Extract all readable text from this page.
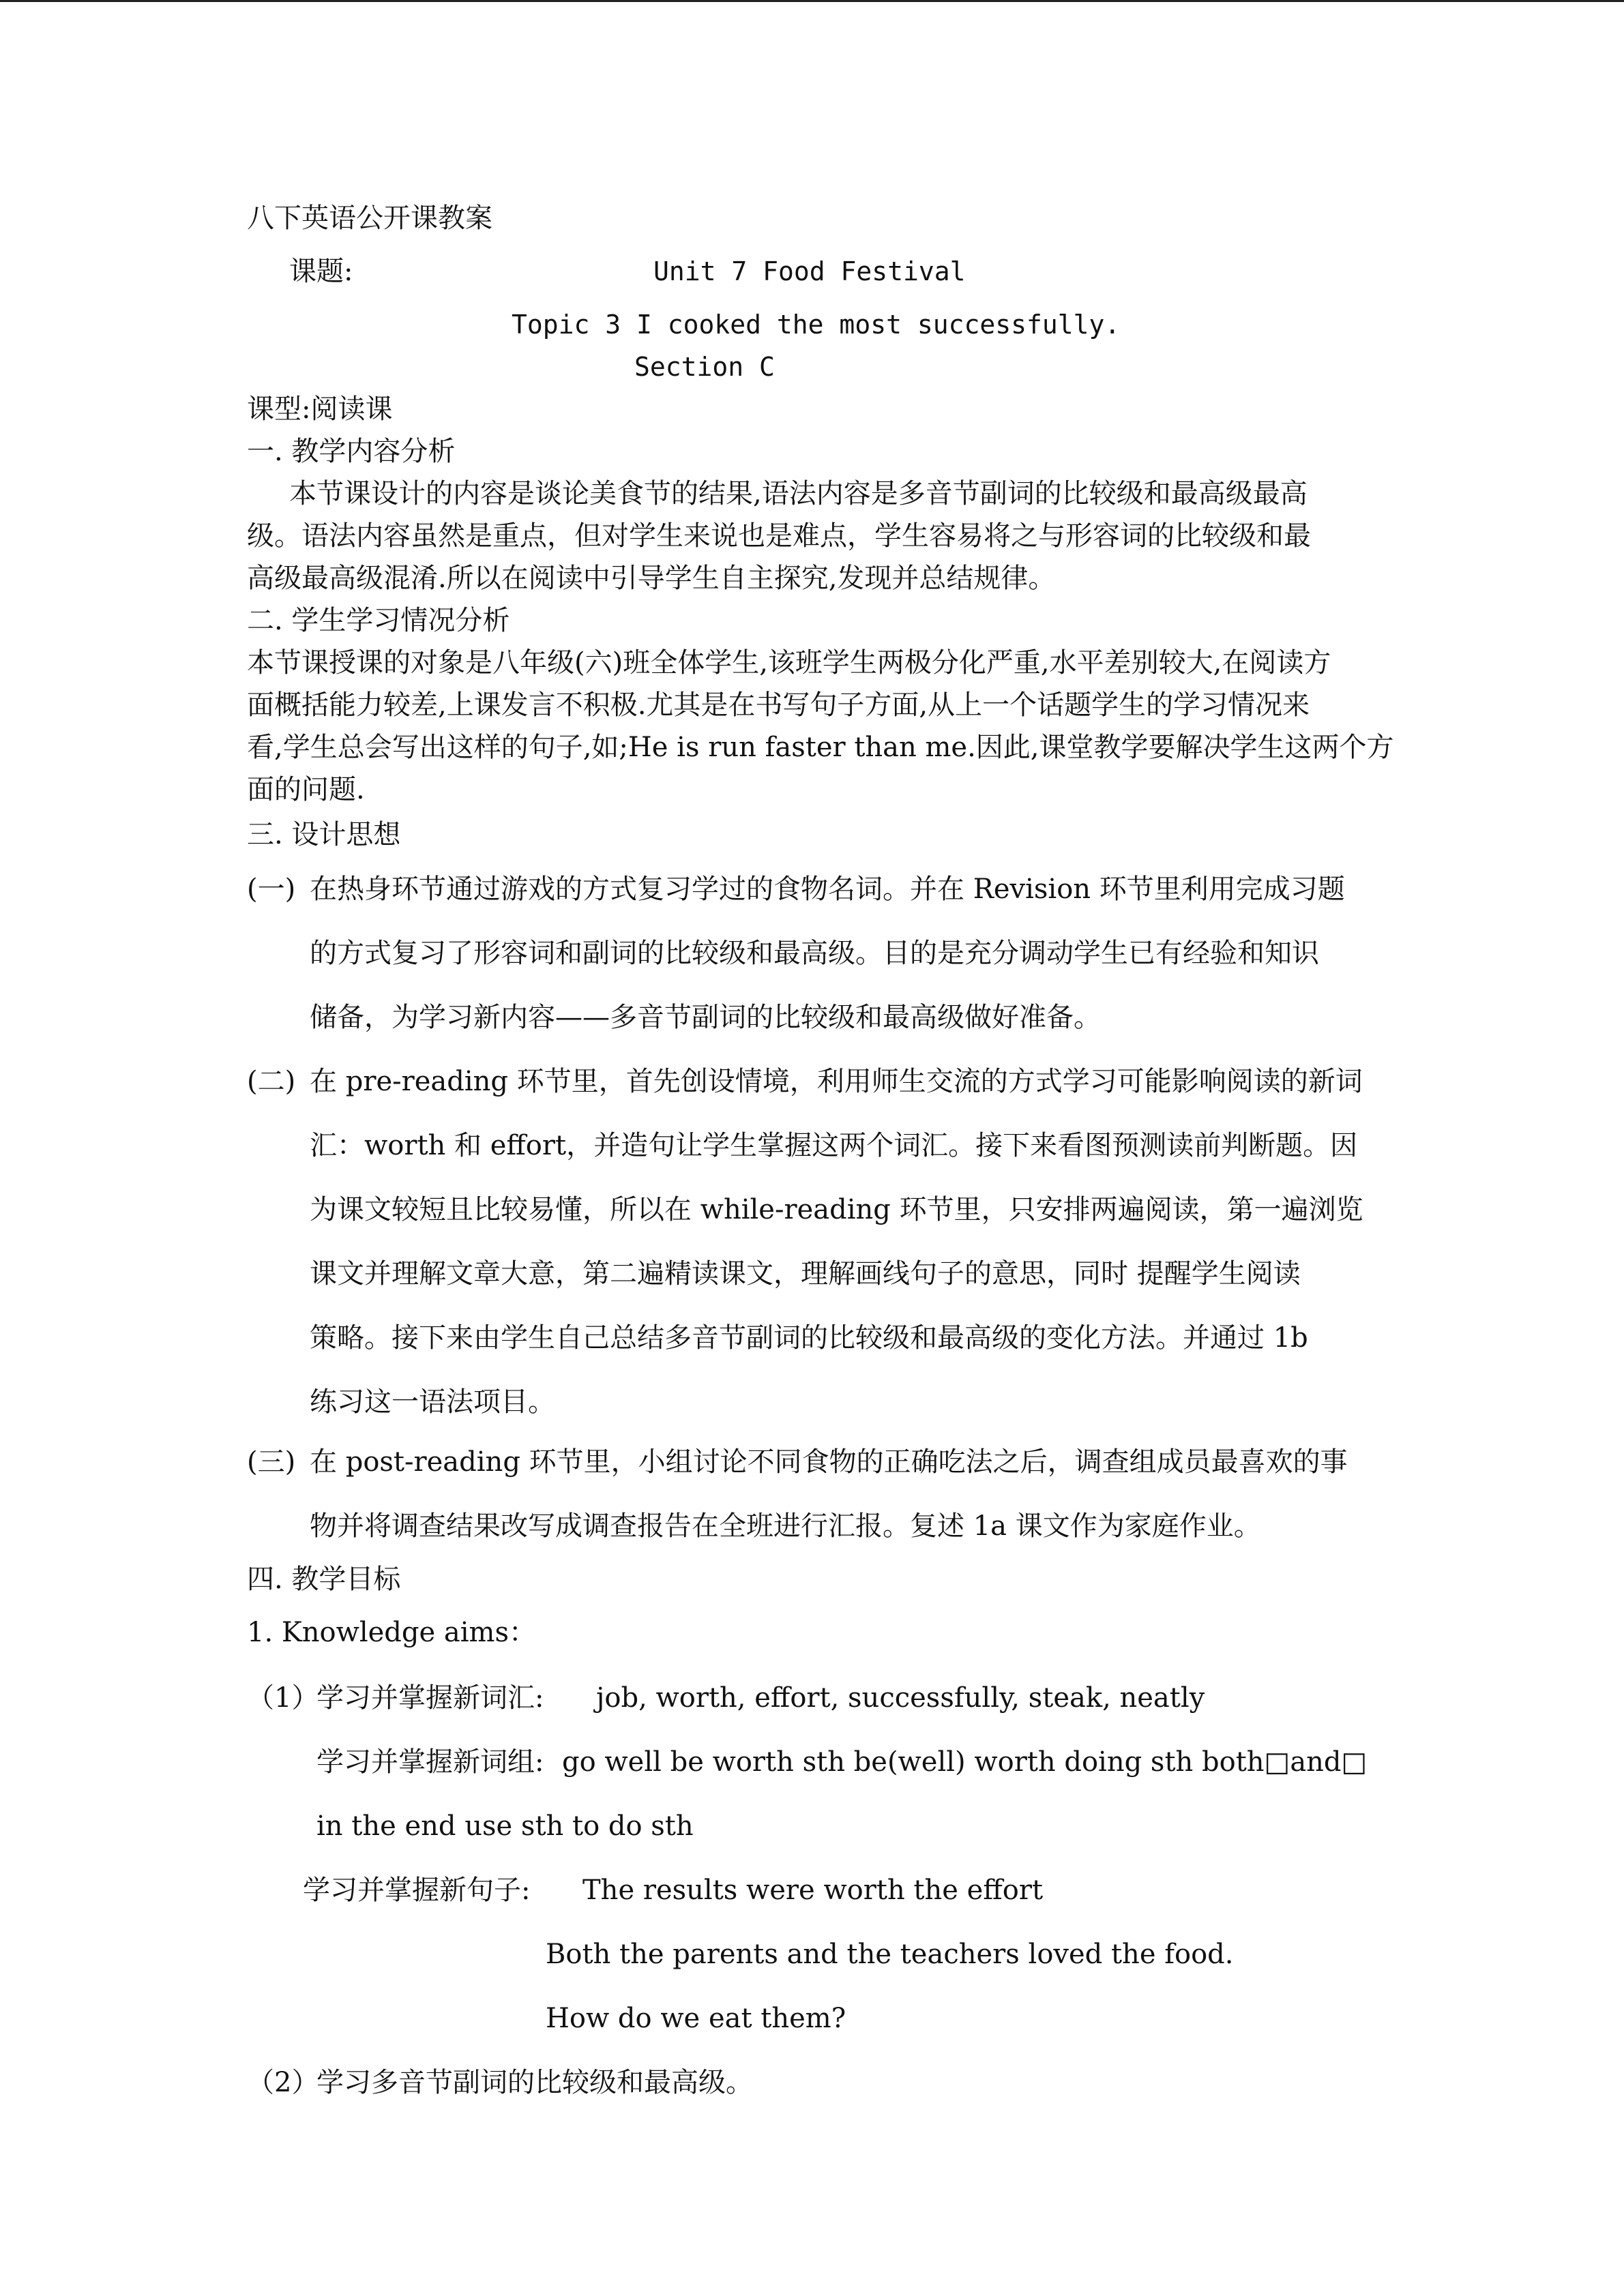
八下英语公开课教案
课题:	Unit 7 Food Festival
Topic 3 I cooked the most successfully.
Section C
课型:阅读课
一. 教学内容分析
本节课设计的内容是谈论美食节的结果,语法内容是多音节副词的比较级和最高级最高
级。语法内容虽然是重点，但对学生来说也是难点，学生容易将之与形容词的比较级和最
高级最高级混淆.所以在阅读中引导学生自主探究,发现并总结规律。
二. 学生学习情况分析
本节课授课的对象是八年级(六)班全体学生,该班学生两极分化严重,水平差别较大,在阅读方
面概括能力较差,上课发言不积极.尤其是在书写句子方面,从上一个话题学生的学习情况来
看,学生总会写出这样的句子,如;He is run faster than me.因此,课堂教学要解决学生这两个方
面的问题.
三. 设计思想
(一) 在热身环节通过游戏的方式复习学过的食物名词。并在 Revision 环节里利用完成习题
的方式复习了形容词和副词的比较级和最高级。目的是充分调动学生已有经验和知识
储备，为学习新内容——多音节副词的比较级和最高级做好准备。
(二) 在 pre-reading 环节里，首先创设情境，利用师生交流的方式学习可能影响阅读的新词
汇：worth 和 effort，并造句让学生掌握这两个词汇。接下来看图预测读前判断题。因
为课文较短且比较易懂，所以在 while-reading 环节里，只安排两遍阅读，第一遍浏览
课文并理解文章大意，第二遍精读课文，理解画线句子的意思，同时 提醒学生阅读
策略。接下来由学生自己总结多音节副词的比较级和最高级的变化方法。并通过 1b
练习这一语法项目。
(三) 在 post-reading 环节里，小组讨论不同食物的正确吃法之后，调查组成员最喜欢的事
物并将调查结果改写成调查报告在全班进行汇报。复述 1a 课文作为家庭作业。
四. 教学目标
1. Knowledge aims：
（1）
学习并掌握新词汇: job, worth, effort, successfully, steak, neatly
学习并掌握新词组: go well be worth sth be(well) worth doing sth both□and□
in the end use sth to do sth
学习并掌握新句子: The results were worth the effort
Both the parents and the teachers loved the food.
How do we eat them?
（2）
学习多音节副词的比较级和最高级。
